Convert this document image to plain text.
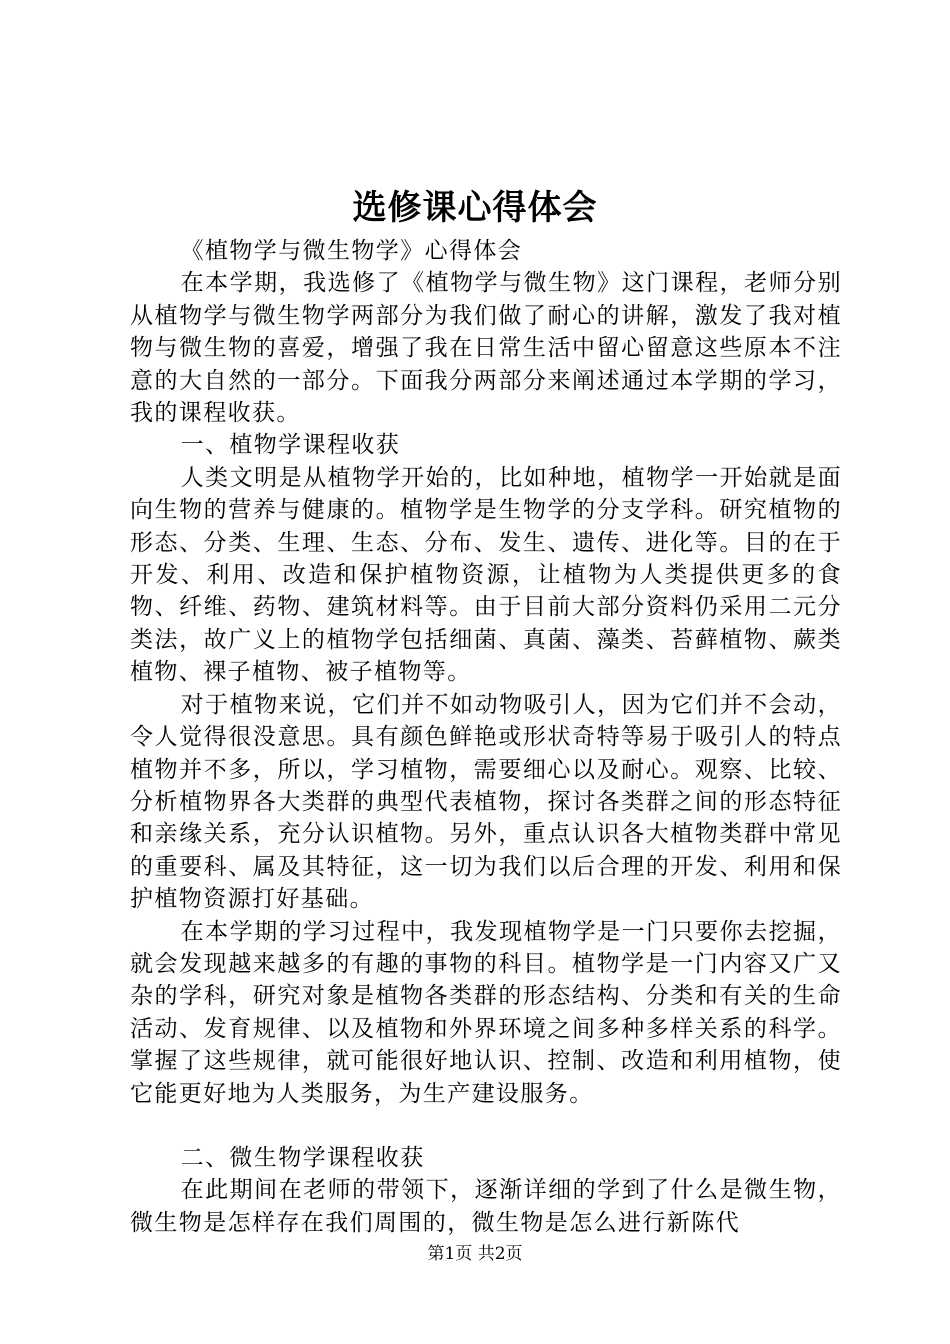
选修课心得体会

《植物学与微生物学》心得体会

在本学期，我选修了《植物学与微生物》这门课程，老师分别从植物学与微生物学两部分为我们做了耐心的讲解，激发了我对植物与微生物的喜爱，增强了我在日常生活中留心留意这些原本不注意的大自然的一部分。下面我分两部分来阐述通过本学期的学习，我的课程收获。

一、植物学课程收获

人类文明是从植物学开始的，比如种地，植物学一开始就是面向生物的营养与健康的。植物学是生物学的分支学科。研究植物的形态、分类、生理、生态、分布、发生、遗传、进化等。目的在于开发、利用、改造和保护植物资源，让植物为人类提供更多的食物、纤维、药物、建筑材料等。由于目前大部分资料仍采用二元分类法，故广义上的植物学包括细菌、真菌、藻类、苔藓植物、蕨类植物、裸子植物、被子植物等。

对于植物来说，它们并不如动物吸引人，因为它们并不会动，令人觉得很没意思。具有颜色鲜艳或形状奇特等易于吸引人的特点植物并不多，所以，学习植物，需要细心以及耐心。观察、比较、分析植物界各大类群的典型代表植物，探讨各类群之间的形态特征和亲缘关系，充分认识植物。另外，重点认识各大植物类群中常见的重要科、属及其特征，这一切为我们以后合理的开发、利用和保护植物资源打好基础。

在本学期的学习过程中，我发现植物学是一门只要你去挖掘，就会发现越来越多的有趣的事物的科目。植物学是一门内容又广又杂的学科，研究对象是植物各类群的形态结构、分类和有关的生命活动、发育规律、以及植物和外界环境之间多种多样关系的科学。掌握了这些规律，就可能很好地认识、控制、改造和利用植物，使它能更好地为人类服务，为生产建设服务。

二、微生物学课程收获

在此期间在老师的带领下，逐渐详细的学到了什么是微生物，微生物是怎样存在我们周围的，微生物是怎么进行新陈代

第1页 共2页
